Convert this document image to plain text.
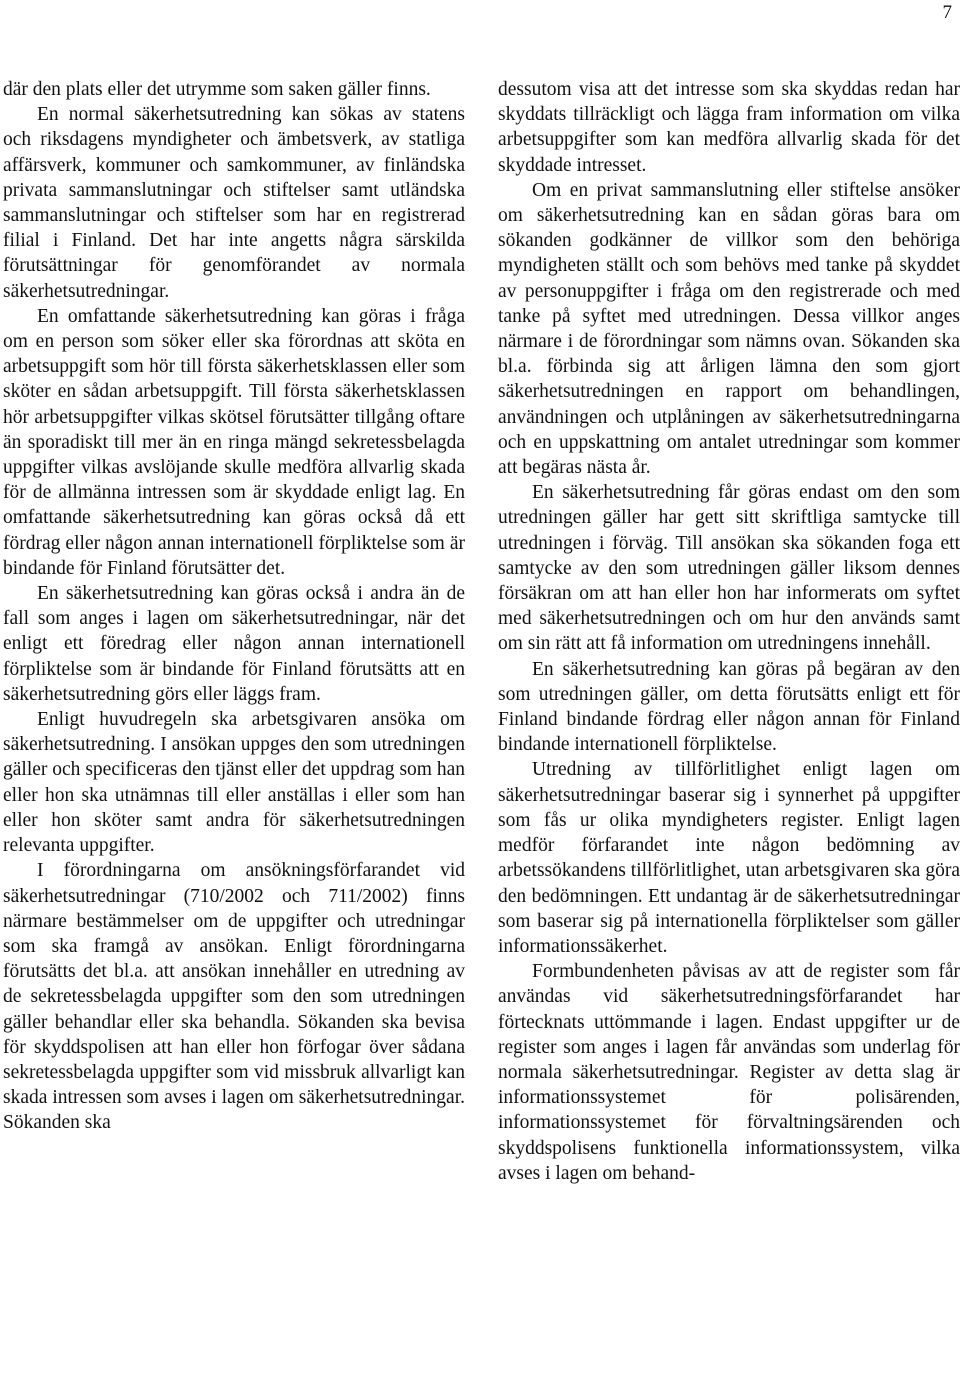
7

där den plats eller det utrymme som saken gäller finns.

En normal säkerhetsutredning kan sökas av statens och riksdagens myndigheter och ämbetsverk, av statliga affärsverk, kommuner och samkommuner, av finländska privata sammanslutningar och stiftelser samt utländska sammanslutningar och stiftelser som har en registrerad filial i Finland. Det har inte angetts några särskilda förutsättningar för genomförandet av normala säkerhetsutredningar.

En omfattande säkerhetsutredning kan göras i fråga om en person som söker eller ska förordnas att sköta en arbetsuppgift som hör till första säkerhetsklassen eller som sköter en sådan arbetsuppgift. Till första säkerhetsklassen hör arbetsuppgifter vilkas skötsel förutsätter tillgång oftare än sporadiskt till mer än en ringa mängd sekretessbelagda uppgifter vilkas avslöjande skulle medföra allvarlig skada för de allmänna intressen som är skyddade enligt lag. En omfattande säkerhetsutredning kan göras också då ett fördrag eller någon annan internationell förpliktelse som är bindande för Finland förutsätter det.

En säkerhetsutredning kan göras också i andra än de fall som anges i lagen om säkerhetsutredningar, när det enligt ett föredrag eller någon annan internationell förpliktelse som är bindande för Finland förutsätts att en säkerhetsutredning görs eller läggs fram.

Enligt huvudregeln ska arbetsgivaren ansöka om säkerhetsutredning. I ansökan uppges den som utredningen gäller och specificeras den tjänst eller det uppdrag som han eller hon ska utnämnas till eller anställas i eller som han eller hon sköter samt andra för säkerhetsutredningen relevanta uppgifter.

I förordningarna om ansökningsförfarandet vid säkerhetsutredningar (710/2002 och 711/2002) finns närmare bestämmelser om de uppgifter och utredningar som ska framgå av ansökan. Enligt förordningarna förutsätts det bl.a. att ansökan innehåller en utredning av de sekretessbelagda uppgifter som den som utredningen gäller behandlar eller ska behandla. Sökanden ska bevisa för skyddspolisen att han eller hon förfogar över sådana sekretessbelagda uppgifter som vid missbruk allvarligt kan skada intressen som avses i lagen om säkerhetsutredningar. Sökanden ska

dessutom visa att det intresse som ska skyddas redan har skyddats tillräckligt och lägga fram information om vilka arbetsuppgifter som kan medföra allvarlig skada för det skyddade intresset.

Om en privat sammanslutning eller stiftelse ansöker om säkerhetsutredning kan en sådan göras bara om sökanden godkänner de villkor som den behöriga myndigheten ställt och som behövs med tanke på skyddet av personuppgifter i fråga om den registrerade och med tanke på syftet med utredningen. Dessa villkor anges närmare i de förordningar som nämns ovan. Sökanden ska bl.a. förbinda sig att årligen lämna den som gjort säkerhetsutredningen en rapport om behandlingen, användningen och utplåningen av säkerhetsutredningarna och en uppskattning om antalet utredningar som kommer att begäras nästa år.

En säkerhetsutredning får göras endast om den som utredningen gäller har gett sitt skriftliga samtycke till utredningen i förväg. Till ansökan ska sökanden foga ett samtycke av den som utredningen gäller liksom dennes försäkran om att han eller hon har informerats om syftet med säkerhetsutredningen och om hur den används samt om sin rätt att få information om utredningens innehåll.

En säkerhetsutredning kan göras på begäran av den som utredningen gäller, om detta förutsätts enligt ett för Finland bindande fördrag eller någon annan för Finland bindande internationell förpliktelse.

Utredning av tillförlitlighet enligt lagen om säkerhetsutredningar baserar sig i synnerhet på uppgifter som fås ur olika myndigheters register. Enligt lagen medför förfarandet inte någon bedömning av arbetssökandens tillförlitlighet, utan arbetsgivaren ska göra den bedömningen. Ett undantag är de säkerhetsutredningar som baserar sig på internationella förpliktelser som gäller informationssäkerhet.

Formbundenheten påvisas av att de register som får användas vid säkerhetsutredningsförfarandet har förtecknats uttömmande i lagen. Endast uppgifter ur de register som anges i lagen får användas som underlag för normala säkerhetsutredningar. Register av detta slag är informationssystemet för polisärenden, informationssystemet för förvaltningsärenden och skyddspolisens funktionella informationssystem, vilka avses i lagen om behand-
